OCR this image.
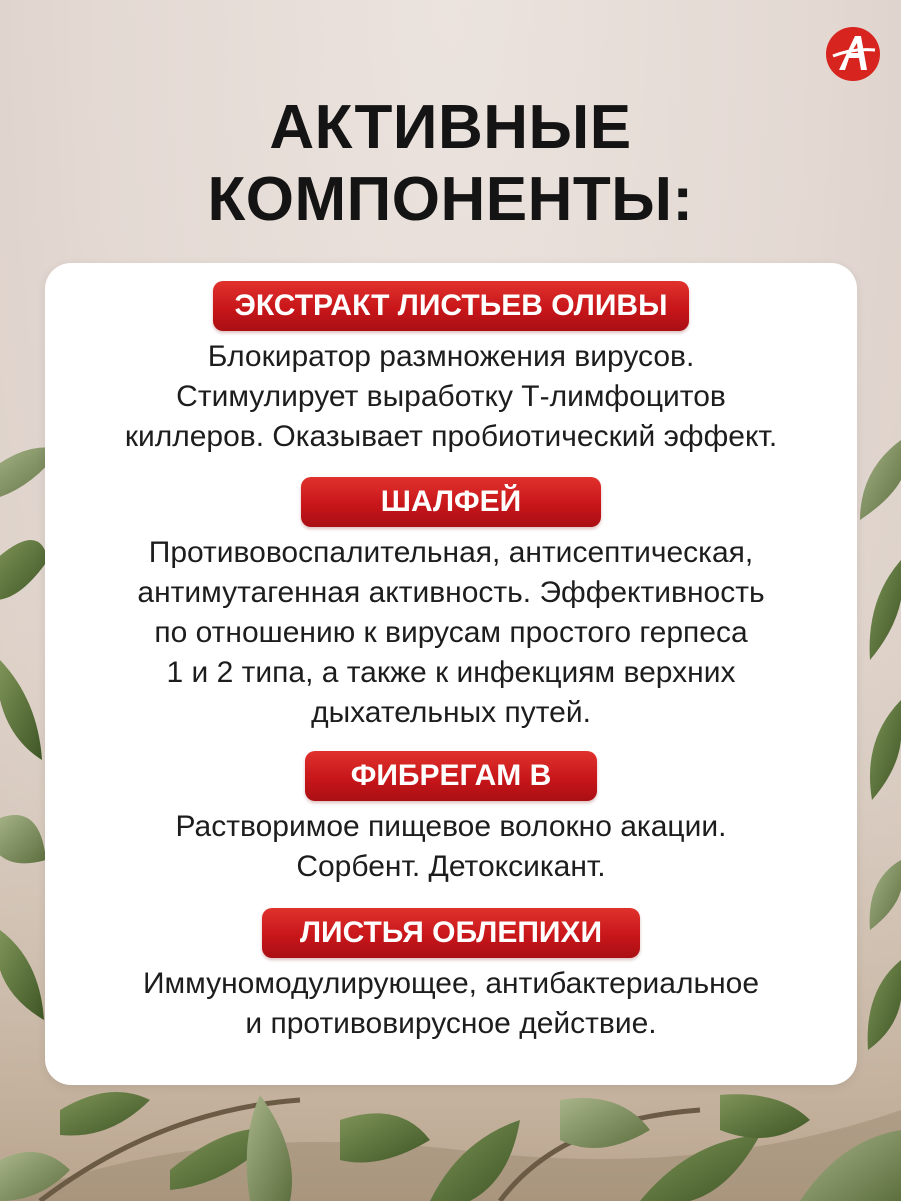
АКТИВНЫЕ
КОМПОНЕНТЫ:
ЭКСТРАКТ ЛИСТЬЕВ ОЛИВЫ
Блокиратор размножения вирусов.
Стимулирует выработку Т-лимфоцитов
киллеров. Оказывает пробиотический эффект.
ШАЛФЕЙ
Противовоспалительная, антисептическая,
антимутагенная активность. Эффективность
по отношению к вирусам простого герпеса
1 и 2 типа, а также к инфекциям верхних
дыхательных путей.
ФИБРЕГАМ В
Растворимое пищевое волокно акации.
Сорбент. Детоксикант.
ЛИСТЬЯ ОБЛЕПИХИ
Иммуномодулирующее, антибактериальное
и противовирусное действие.
